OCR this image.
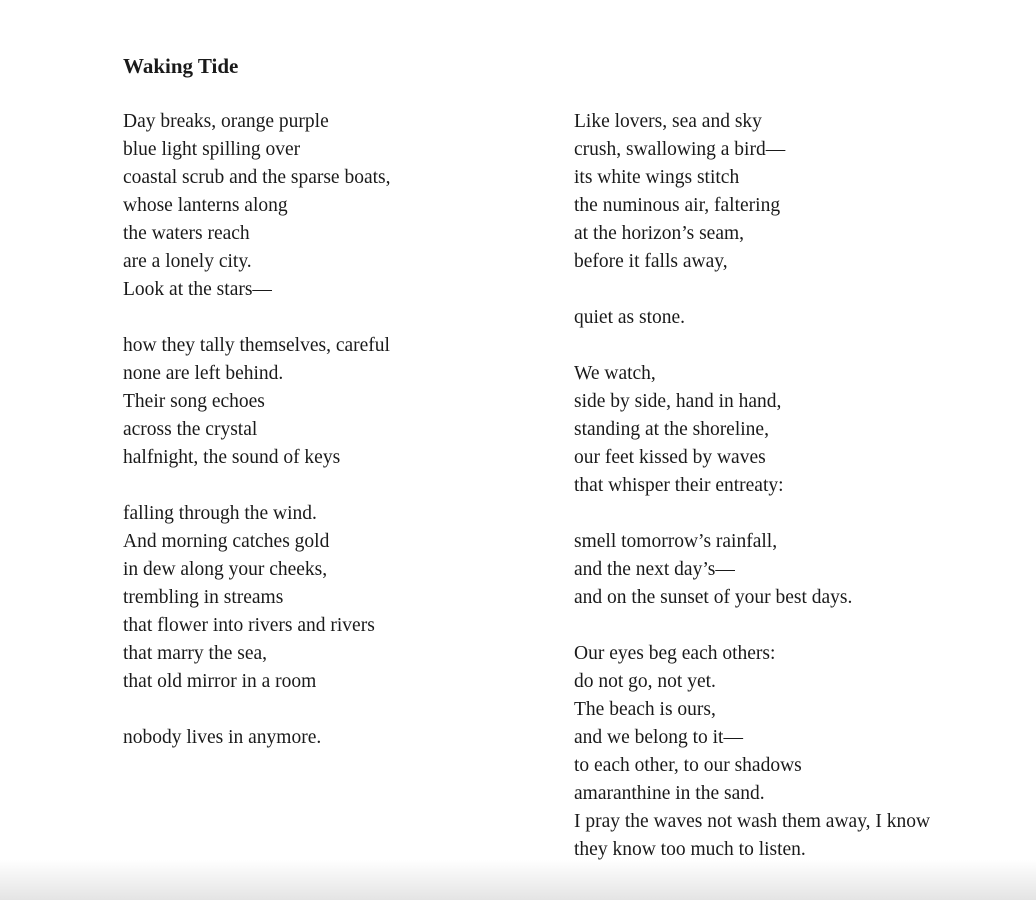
Waking Tide
Day breaks, orange purple
blue light spilling over
coastal scrub and the sparse boats,
whose lanterns along
the waters reach
are a lonely city.
Look at the stars—
how they tally themselves, careful
none are left behind.
Their song echoes
across the crystal
halfnight, the sound of keys
falling through the wind.
And morning catches gold
in dew along your cheeks,
trembling in streams
that flower into rivers and rivers
that marry the sea,
that old mirror in a room
nobody lives in anymore.
Like lovers, sea and sky
crush, swallowing a bird—
its white wings stitch
the numinous air, faltering
at the horizon’s seam,
before it falls away,
quiet as stone.
We watch,
side by side, hand in hand,
standing at the shoreline,
our feet kissed by waves
that whisper their entreaty:
smell tomorrow’s rainfall,
and the next day’s—
and on the sunset of your best days.
Our eyes beg each others:
do not go, not yet.
The beach is ours,
and we belong to it—
to each other, to our shadows
amaranthine in the sand.
I pray the waves not wash them away, I know
they know too much to listen.
